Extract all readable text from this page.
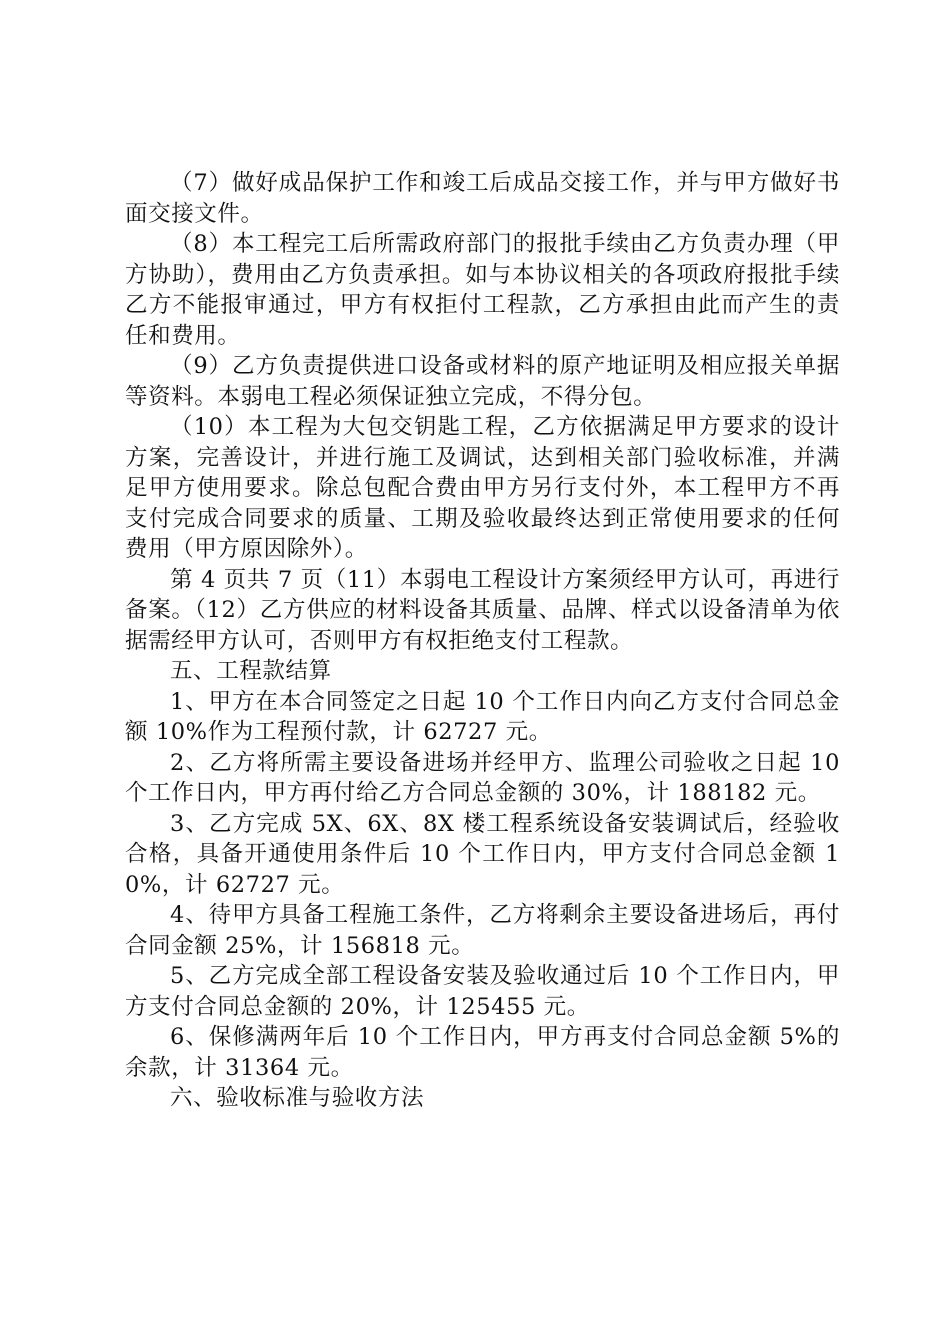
（7）做好成品保护工作和竣工后成品交接工作，并与甲方做好书面交接文件。

（8）本工程完工后所需政府部门的报批手续由乙方负责办理（甲方协助），费用由乙方负责承担。如与本协议相关的各项政府报批手续乙方不能报审通过，甲方有权拒付工程款，乙方承担由此而产生的责任和费用。

（9）乙方负责提供进口设备或材料的原产地证明及相应报关单据等资料。本弱电工程必须保证独立完成，不得分包。

（10）本工程为大包交钥匙工程，乙方依据满足甲方要求的设计方案，完善设计，并进行施工及调试，达到相关部门验收标准，并满足甲方使用要求。除总包配合费由甲方另行支付外，本工程甲方不再支付完成合同要求的质量、工期及验收最终达到正常使用要求的任何费用（甲方原因除外）。

第 4 页共 7 页（11）本弱电工程设计方案须经甲方认可，再进行备案。（12）乙方供应的材料设备其质量、品牌、样式以设备清单为依据需经甲方认可，否则甲方有权拒绝支付工程款。

五、工程款结算

1、甲方在本合同签定之日起 10 个工作日内向乙方支付合同总金额 10%作为工程预付款，计 62727 元。

2、乙方将所需主要设备进场并经甲方、监理公司验收之日起 10 个工作日内，甲方再付给乙方合同总金额的 30%，计 188182 元。

3、乙方完成 5X、6X、8X 楼工程系统设备安装调试后，经验收合格，具备开通使用条件后 10 个工作日内，甲方支付合同总金额 10%，计 62727 元。

4、待甲方具备工程施工条件，乙方将剩余主要设备进场后，再付合同金额 25%，计 156818 元。

5、乙方完成全部工程设备安装及验收通过后 10 个工作日内，甲方支付合同总金额的 20%，计 125455 元。

6、保修满两年后 10 个工作日内，甲方再支付合同总金额 5%的余款，计 31364 元。

六、验收标准与验收方法
